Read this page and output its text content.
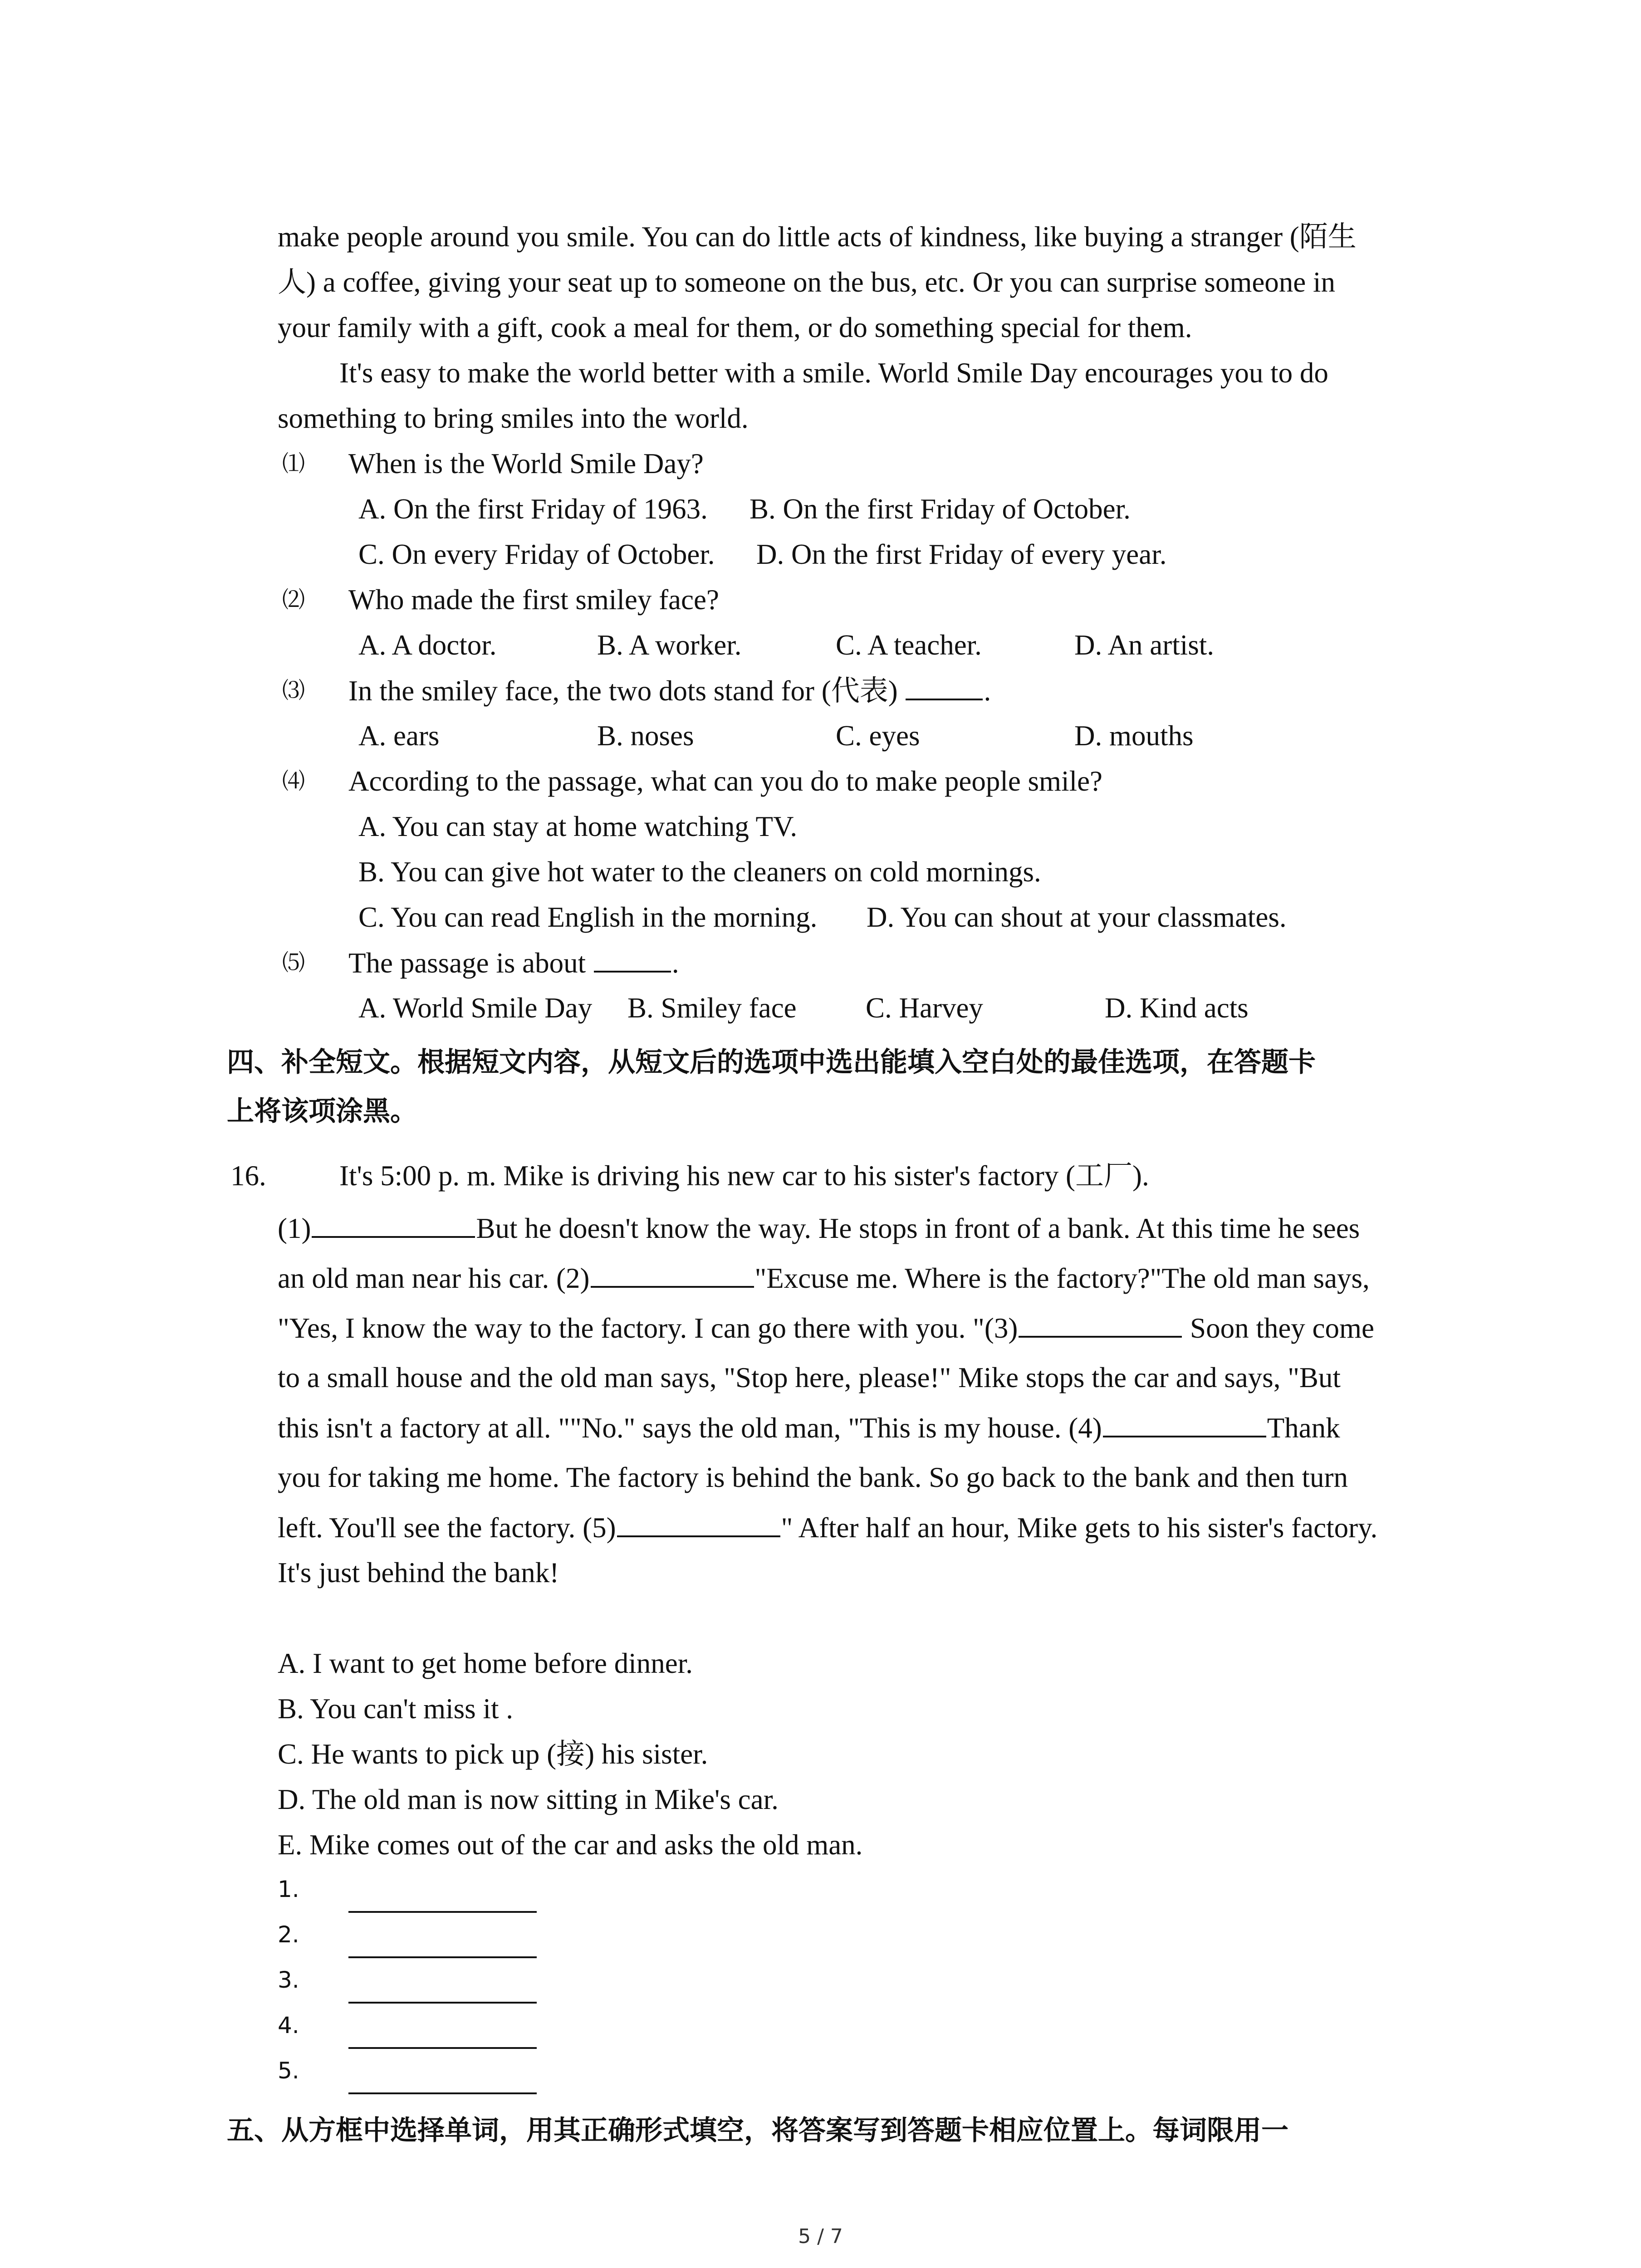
make people around you smile. You can do little acts of kindness, like buying a stranger (陌生
人) a coffee, giving your seat up to someone on the bus, etc. Or you can surprise someone in
your family with a gift, cook a meal for them, or do something special for them.
It's easy to make the world better with a smile. World Smile Day encourages you to do
something to bring smiles into the world.
⑴ When is the World Smile Day?
A. On the first Friday of 1963. B. On the first Friday of October.
C. On every Friday of October. D. On the first Friday of every year.
⑵ Who made the first smiley face?
A. A doctor.	B. A worker.	C. A teacher.	D. An artist.
⑶ In the smiley face, the two dots stand for (代表)	.
A. ears	B. noses	C. eyes	D. mouths
⑷ According to the passage, what can you do to make people smile?
A. You can stay at home watching TV.
B. You can give hot water to the cleaners on cold mornings.
C. You can read English in the morning. D. You can shout at your classmates.
⑸ The passage is about	.
A. World Smile Day B. Smiley face C. Harvey	D. Kind acts
四、补全短文。根据短文内容，从短文后的选项中选出能填入空白处的最佳选项，在答题卡
上将该项涂黑。
16.	It's 5:00 p. m. Mike is driving his new car to his sister's factory (工厂).
(1)	But he doesn't know the way. He stops in front of a bank. At this time he sees
an old man near his car. (2)	"Excuse me. Where is the factory?"The old man says,
"Yes, I know the way to the factory. I can go there with you. "(3)	Soon they come
to a small house and the old man says, "Stop here, please!" Mike stops the car and says, "But
this isn't a factory at all. ""No." says the old man, "This is my house. (4)	Thank
you for taking me home. The factory is behind the bank. So go back to the bank and then turn
left. You'll see the factory. (5)	" After half an hour, Mike gets to his sister's factory.
It's just behind the bank!
A. I want to get home before dinner.
B. You can't miss it .
C. He wants to pick up (接) his sister.
D. The old man is now sitting in Mike's car.
E. Mike comes out of the car and asks the old man.
1.
2.
3.
4.
5.
五、从方框中选择单词，用其正确形式填空，将答案写到答题卡相应位置上。每词限用一
5 / 7
